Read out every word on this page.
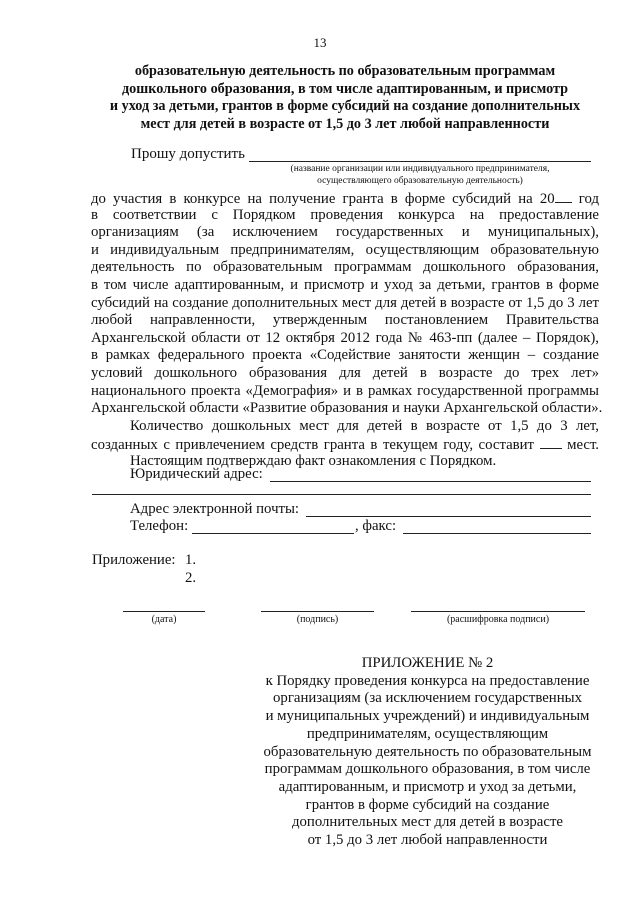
13
образовательную деятельность по образовательным программам
дошкольного образования, в том числе адаптированным, и присмотр
и уход за детьми, грантов в форме субсидий на создание дополнительных
мест для детей в возрасте от 1,5 до 3 лет любой направленности
Прошу допустить
(название организации или индивидуального предпринимателя,
осуществляющего образовательную деятельность)
до участия в конкурсе на получение гранта в форме субсидий на 20 год
в соответствии с Порядком проведения конкурса на предоставление
организациям (за исключением государственных и муниципальных),
и индивидуальным предпринимателям, осуществляющим образовательную
деятельность по образовательным программам дошкольного образования,
в том числе адаптированным, и присмотр и уход за детьми, грантов в форме
субсидий на создание дополнительных мест для детей в возрасте от 1,5 до 3 лет
любой направленности, утвержденным постановлением Правительства
Архангельской области от 12 октября 2012 года № 463-пп (далее – Порядок),
в рамках федерального проекта «Содействие занятости женщин – создание
условий дошкольного образования для детей в возрасте до трех лет»
национального проекта «Демография» и в рамках государственной программы
Архангельской области «Развитие образования и науки Архангельской области».
Количество дошкольных мест для детей в возрасте от 1,5 до 3 лет,
созданных с привлечением средств гранта в текущем году, составит  мест.
Настоящим подтверждаю факт ознакомления с Порядком.
Юридический адрес:
Адрес электронной почты:
Телефон:	, факс:
Приложение: 1.
2.
(дата)	(подпись)	(расшифровка подписи)
ПРИЛОЖЕНИЕ № 2
к Порядку проведения конкурса на предоставление
организациям (за исключением государственных
и муниципальных учреждений) и индивидуальным
предпринимателям, осуществляющим
образовательную деятельность по образовательным
программам дошкольного образования, в том числе
адаптированным, и присмотр и уход за детьми,
грантов в форме субсидий на создание
дополнительных мест для детей в возрасте
от 1,5 до 3 лет любой направленности
